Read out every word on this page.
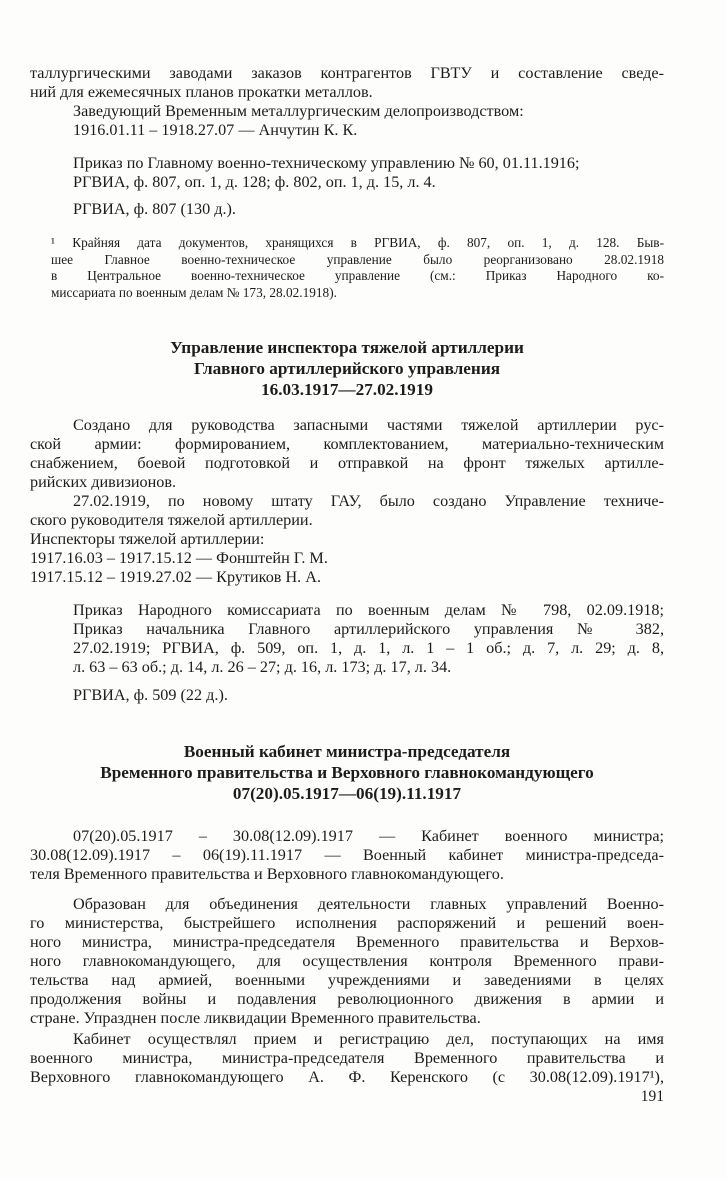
таллургическими заводами заказов контрагентов ГВТУ и составление сведе-
ний для ежемесячных планов прокатки металлов.
Заведующий Временным металлургическим делопроизводством:
1916.01.11 – 1918.27.07 — Анчутин К. К.
Приказ по Главному военно-техническому управлению № 60, 01.11.1916;
РГВИА, ф. 807, оп. 1, д. 128; ф. 802, оп. 1, д. 15, л. 4.
РГВИА, ф. 807 (130 д.).
¹ Крайняя дата документов, хранящихся в РГВИА, ф. 807, оп. 1, д. 128. Быв-
шее Главное военно-техническое управление было реорганизовано 28.02.1918
в Центральное военно-техническое управление (см.: Приказ Народного ко-
миссариата по военным делам № 173, 28.02.1918).
Управление инспектора тяжелой артиллерии
Главного артиллерийского управления
16.03.1917—27.02.1919
Создано для руководства запасными частями тяжелой артиллерии рус-
ской армии: формированием, комплектованием, материально-техническим
снабжением, боевой подготовкой и отправкой на фронт тяжелых артилле-
рийских дивизионов.
27.02.1919, по новому штату ГАУ, было создано Управление техниче-
ского руководителя тяжелой артиллерии.
Инспекторы тяжелой артиллерии:
1917.16.03 – 1917.15.12 — Фонштейн Г. М.
1917.15.12 – 1919.27.02 — Крутиков Н. А.
Приказ Народного комиссариата по военным делам № 798, 02.09.1918;
Приказ начальника Главного артиллерийского управления № 382,
27.02.1919; РГВИА, ф. 509, оп. 1, д. 1, л. 1 – 1 об.; д. 7, л. 29; д. 8,
л. 63 – 63 об.; д. 14, л. 26 – 27; д. 16, л. 173; д. 17, л. 34.
РГВИА, ф. 509 (22 д.).
Военный кабинет министра-председателя
Временного правительства и Верховного главнокомандующего
07(20).05.1917—06(19).11.1917
07(20).05.1917 – 30.08(12.09).1917 — Кабинет военного министра;
30.08(12.09).1917 – 06(19).11.1917 — Военный кабинет министра-председа-
теля Временного правительства и Верховного главнокомандующего.
Образован для объединения деятельности главных управлений Военно-
го министерства, быстрейшего исполнения распоряжений и решений воен-
ного министра, министра-председателя Временного правительства и Верхов-
ного главнокомандующего, для осуществления контроля Временного прави-
тельства над армией, военными учреждениями и заведениями в целях
продолжения войны и подавления революционного движения в армии и
стране. Упразднен после ликвидации Временного правительства.
Кабинет осуществлял прием и регистрацию дел, поступающих на имя
военного министра, министра-председателя Временного правительства и
Верховного главнокомандующего А. Ф. Керенского (с 30.08(12.09).1917¹),
191
